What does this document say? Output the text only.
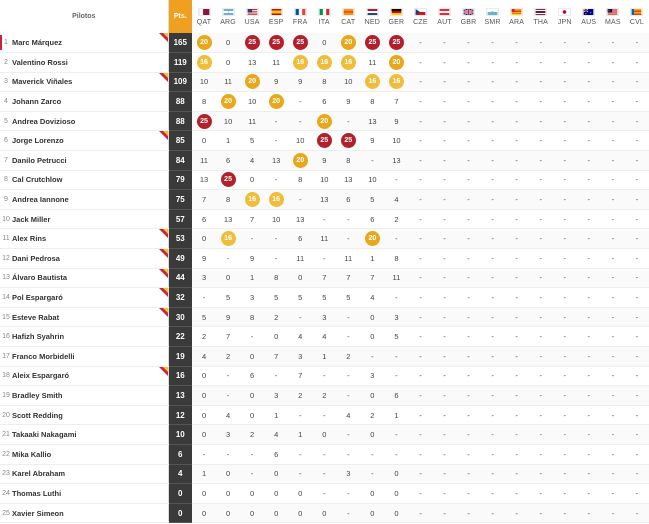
Pilotos		Pts.	QAT	ARG	USA	ESP	FRA	ITA	CAT	NED	GER	CZE	AUT	GBR	SMR	ARA	THA	JPN	AUS	MAS	CVL

1	Marc Márquez	165	20	0	25	25	25	0	20	25	25	-	-	-	-	-	-	-	-	-	-
2	Valentino Rossi	119	16	0	13	11	16	16	16	11	20	-	-	-	-	-	-	-	-	-	-
3	Maverick Viñales	109	10	11	20	9	9	8	10	16	16	-	-	-	-	-	-	-	-	-	-
4	Johann Zarco	88	8	20	10	20	-	6	9	8	7	-	-	-	-	-	-	-	-	-	-
5	Andrea Dovizioso	88	25	10	11	-	-	20	-	13	9	-	-	-	-	-	-	-	-	-	-
6	Jorge Lorenzo	85	0	1	5	-	10	25	25	9	10	-	-	-	-	-	-	-	-	-	-
7	Danilo Petrucci	84	11	6	4	13	20	9	8	-	13	-	-	-	-	-	-	-	-	-	-
8	Cal Crutchlow	79	13	25	0	-	8	10	13	10	-	-	-	-	-	-	-	-	-	-	-
9	Andrea Iannone	75	7	8	16	16	-	13	6	5	4	-	-	-	-	-	-	-	-	-	-
10	Jack Miller	57	6	13	7	10	13	-	-	6	2	-	-	-	-	-	-	-	-	-	-
11	Alex Rins	53	0	16	-	-	6	11	-	20	-	-	-	-	-	-	-	-	-	-	-
12	Dani Pedrosa	49	9	-	9	-	11	-	11	1	8	-	-	-	-	-	-	-	-	-	-
13	Álvaro Bautista	44	3	0	1	8	0	7	7	7	11	-	-	-	-	-	-	-	-	-	-
14	Pol Espargaró	32	-	5	3	5	5	5	5	4	-	-	-	-	-	-	-	-	-	-	-
15	Esteve Rabat	30	5	9	8	2	-	3	-	0	3	-	-	-	-	-	-	-	-	-	-
16	Hafizh Syahrin	22	2	7	-	0	4	4	-	0	5	-	-	-	-	-	-	-	-	-	-
17	Franco Morbidelli	19	4	2	0	7	3	1	2	-	-	-	-	-	-	-	-	-	-	-	-
18	Aleix Espargaró	16	0	-	6	-	7	-	-	3	-	-	-	-	-	-	-	-	-	-	-
19	Bradley Smith	13	0	-	0	3	2	2	-	0	6	-	-	-	-	-	-	-	-	-	-
20	Scott Redding	12	0	4	0	1	-	-	4	2	1	-	-	-	-	-	-	-	-	-	-
21	Takaaki Nakagami	10	0	3	2	4	1	0	-	0	-	-	-	-	-	-	-	-	-	-	-
22	Mika Kallio	6	-	-	-	6	-	-	-	-	-	-	-	-	-	-	-	-	-	-	-
23	Karel Abraham	4	1	0	-	0	-	-	3	-	0	-	-	-	-	-	-	-	-	-	-
24	Thomas Luthi	0	0	0	0	0	0	-	-	0	0	-	-	-	-	-	-	-	-	-	-
25	Xavier Simeon	0	0	0	0	0	0	0	-	0	0	-	-	-	-	-	-	-	-	-	-
